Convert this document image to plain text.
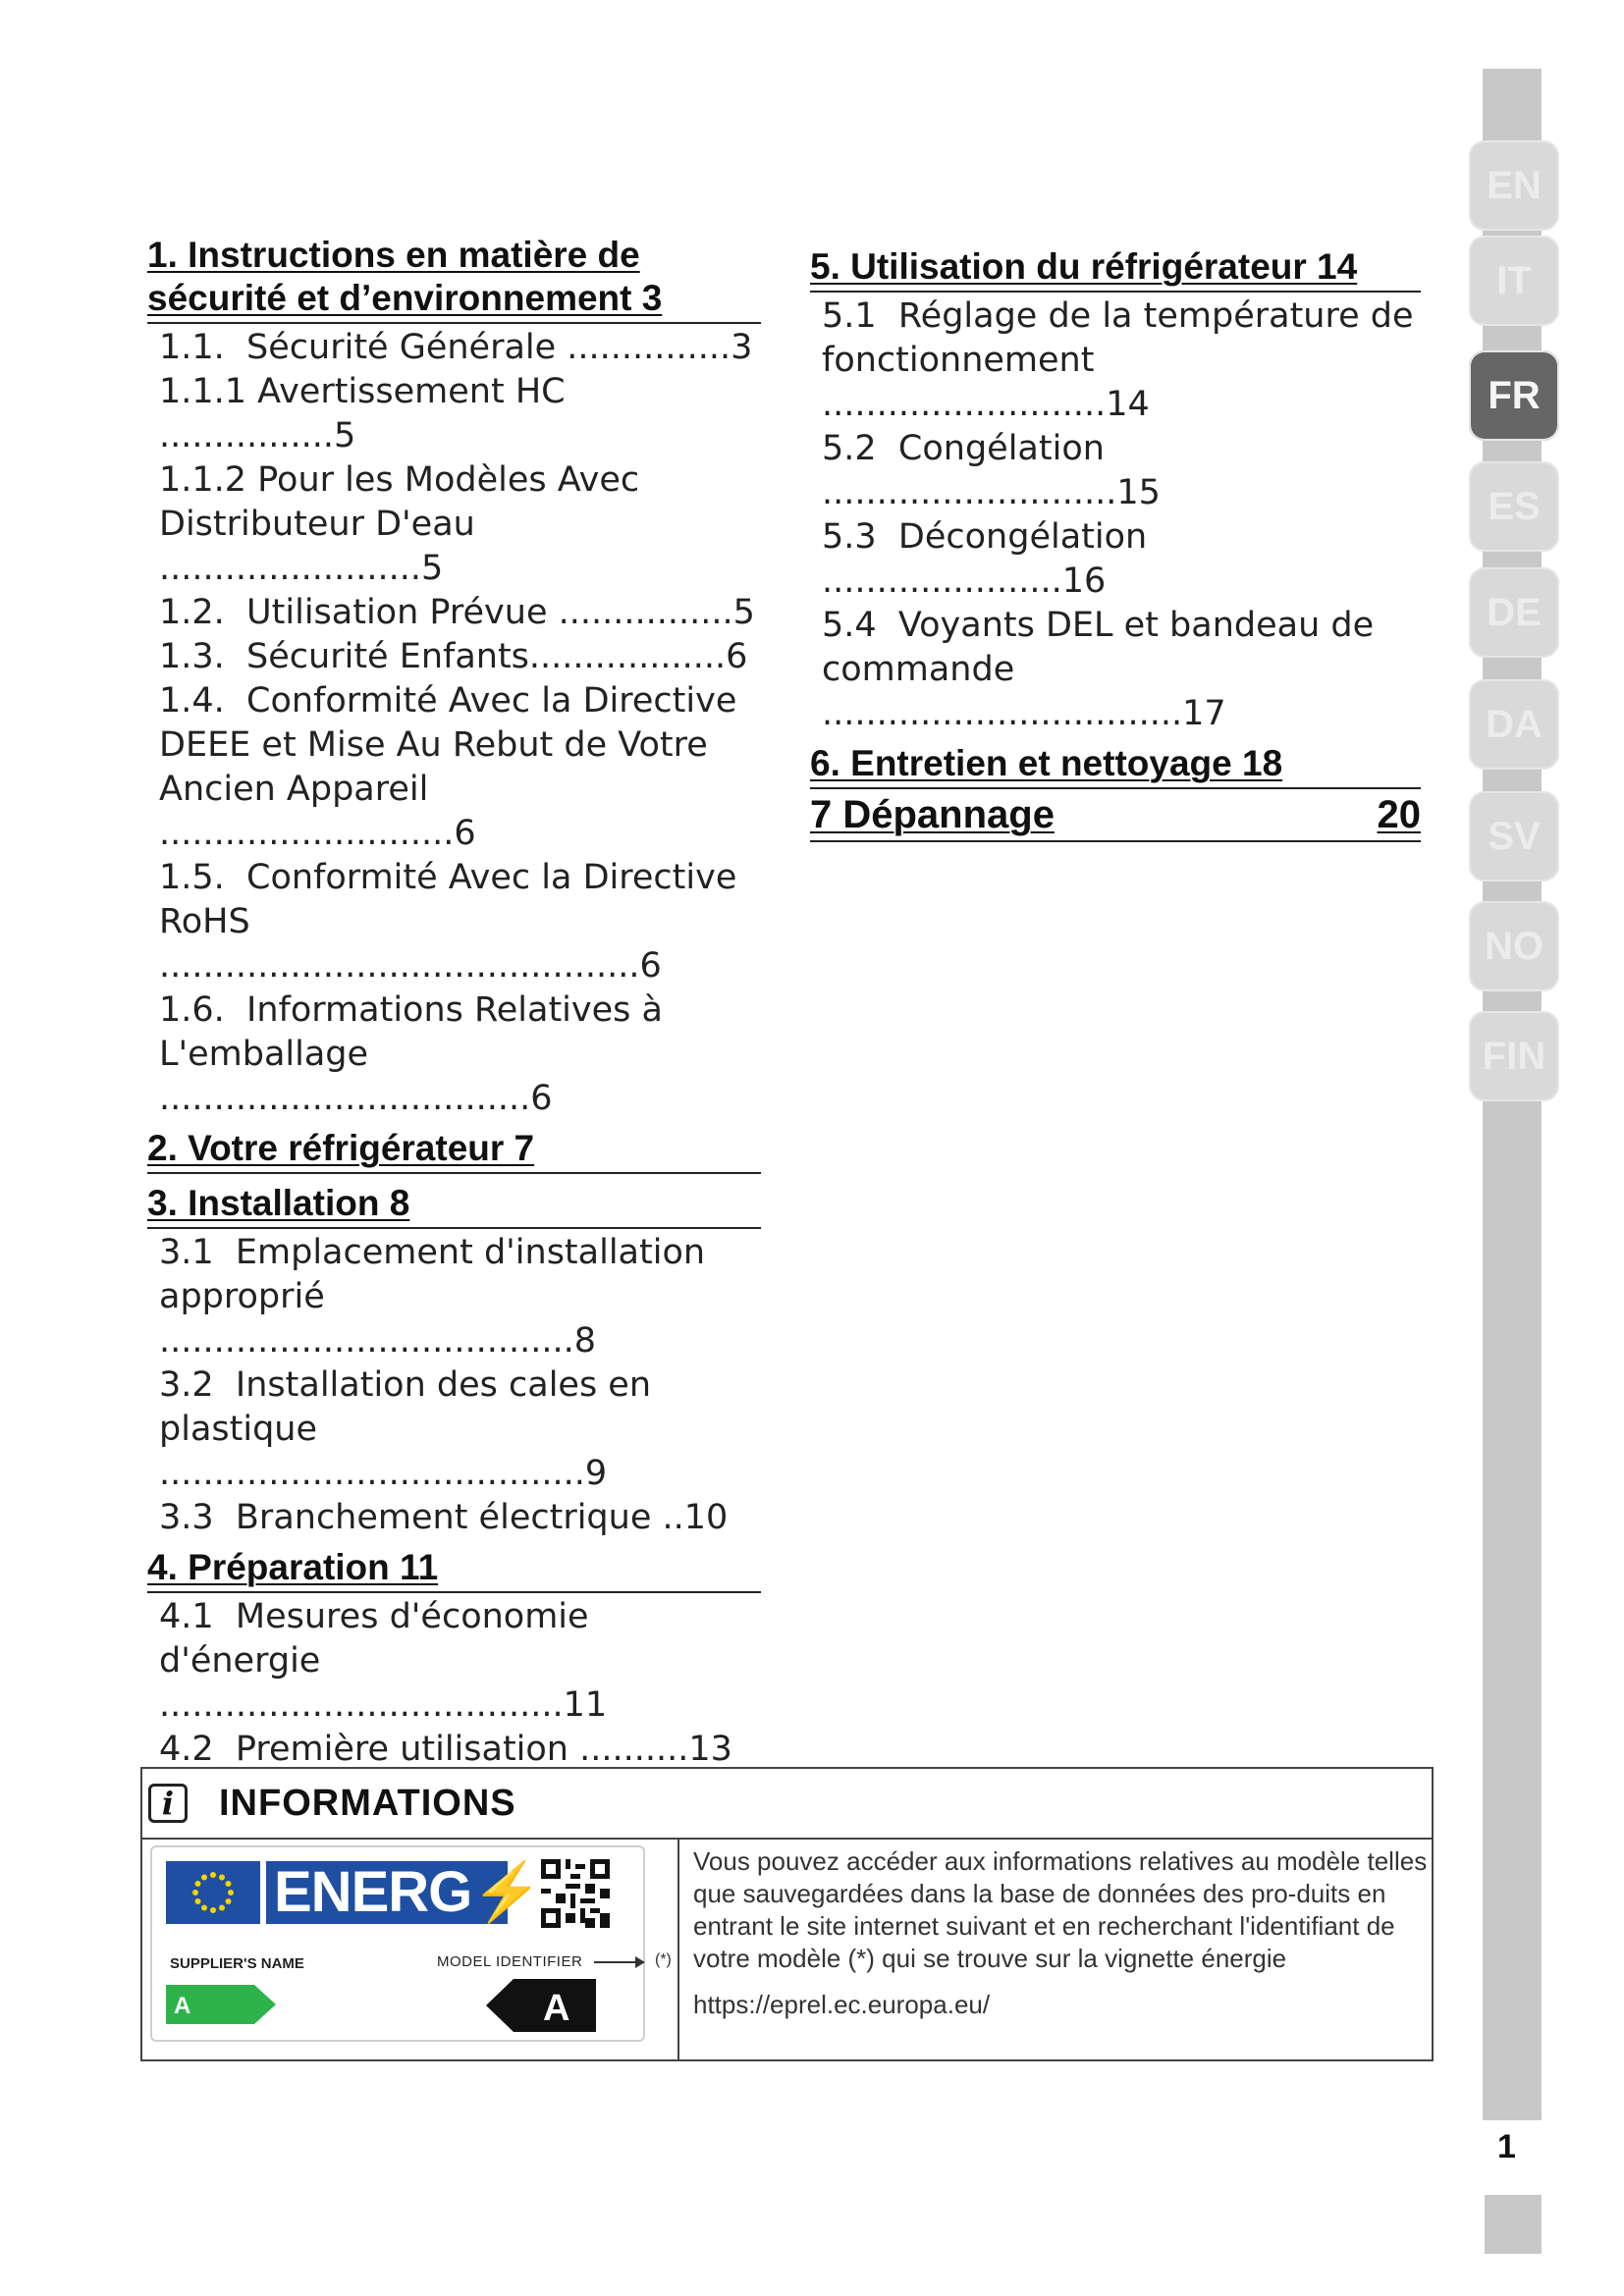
1. Instructions en matière de sécurité et d’environnement 3
1.1.  Sécurité Générale ...............3
1.1.1 Avertissement HC ................5
1.1.2 Pour les Modèles Avec
Distributeur D'eau ........................5
1.2.  Utilisation Prévue ................5
1.3.  Sécurité Enfants..................6
1.4.  Conformité Avec la Directive
DEEE et Mise Au Rebut de Votre
Ancien Appareil  ...........................6
1.5.  Conformité Avec la Directive
RoHS  ............................................6
1.6.  Informations Relatives à
L'emballage ..................................6
2. Votre réfrigérateur 7
3. Installation 8
3.1  Emplacement d'installation
approprié ......................................8
3.2  Installation des cales en
plastique .......................................9
3.3  Branchement électrique ..10
4. Préparation 11
4.1  Mesures d'économie
d'énergie .....................................11
4.2  Première utilisation ..........13
5. Utilisation du réfrigérateur 14
5.1  Réglage de la température de
fonctionnement ..........................14
5.2  Congélation ...........................15
5.3  Décongélation ......................16
5.4  Voyants DEL et bandeau de
commande .................................17
6. Entretien et nettoyage 18
7 Dépannage	20
EN
IT
FR
ES
DE
DA
SV
NO
FIN
1
i	INFORMATIONS
ENERG⚡
SUPPLIER'S NAME	MODEL IDENTIFIER	(*)
A	A
Vous pouvez accéder aux informations relatives au modèle telles que sauvegardées dans la base de données des pro-duits en entrant le site internet suivant et en recherchant l'identifiant de votre modèle (*) qui se trouve sur la vignette énergie
https://eprel.ec.europa.eu/
